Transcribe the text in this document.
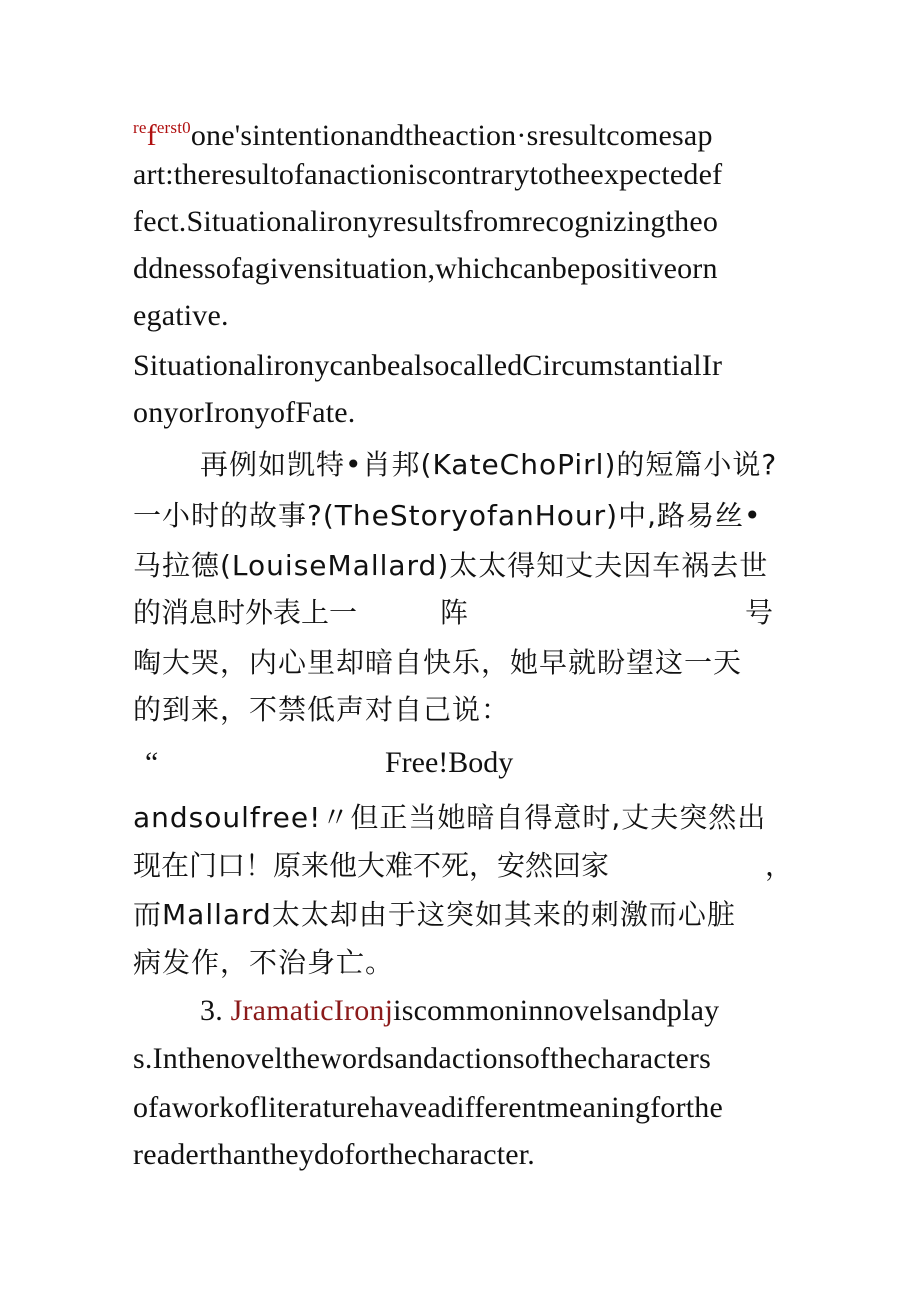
$^{re}f^{erst0}one'sintentionandtheaction\cdot sresultcomesap$
art:theresultofanactioniscontrarytotheexpectedef
fect.Situationalironyresultsfromrecognizingtheo
ddnessofagivensituation,whichcanbepositiveorn
egative.
SituationalironycanbealsocalledCircumstantialIr
onyorIronyofFate.
再例如凯特•肖邦(KateChoPirl)的短篇小说?
一小时的故事?(TheStoryofanHour)中,路易丝•
马拉德(LouiseMallard)太太得知丈夫因车祸去世
的消息时外表上一	阵	号
啕大哭，内心里却暗自快乐，她早就盼望这一天
的到来，不禁低声对自己说：
“	Free!Body
andsoulfree!〃但正当她暗自得意时,丈夫突然出
现在门口！原来他大难不死，安然回家	，
而Mallard太太却由于这突如其来的刺激而心脏
病发作，不治身亡。
3. JramaticIronjiscommoninnovelsandplay
s.Inthenovelthewordsandactionsofthecharacters
ofaworkofliteraturehaveadifferentmeaningforthe
readerthantheydoforthecharacter.
